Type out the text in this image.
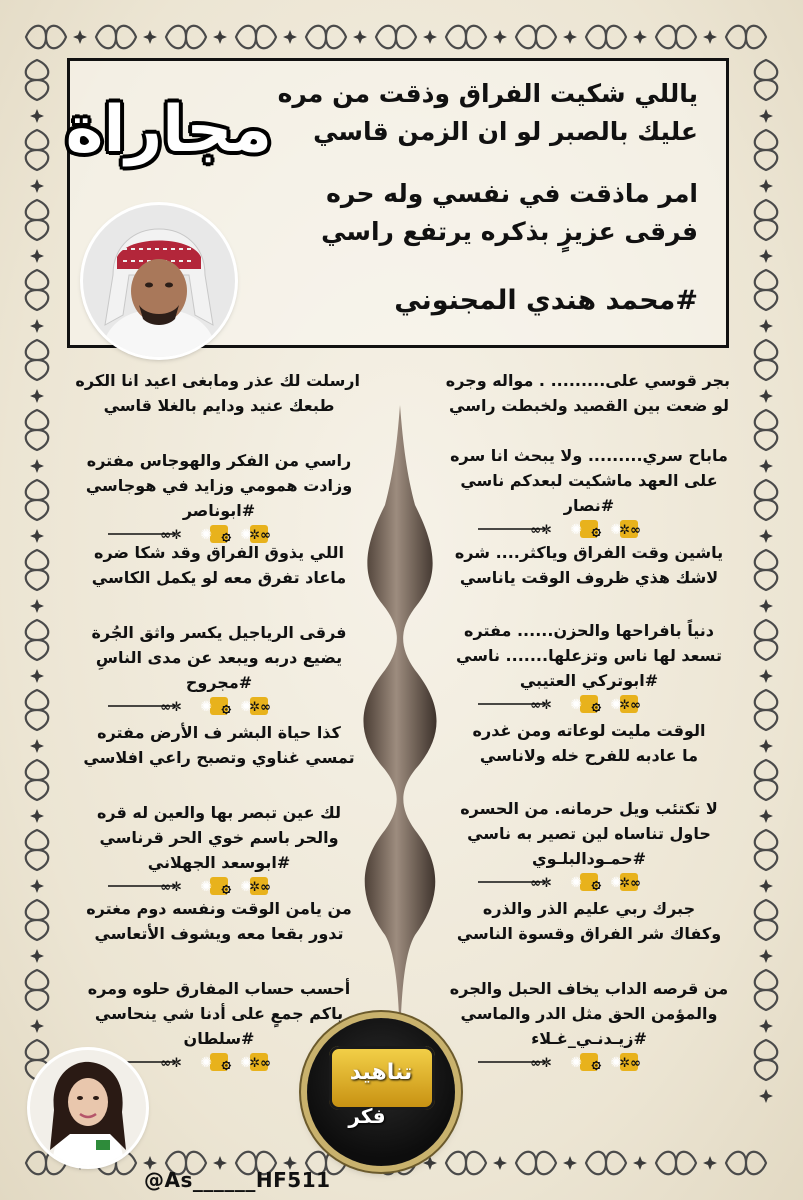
مجاراة ياللي شكيت الفراق وذقت من مره
عليك بالصبر لو ان الزمن قاسي
امر ماذقت في نفسي وله حره
فرقى عزيزٍ بذكره يرتفع راسي
#محمد هندي المجنوني

بجر قوسي على......... . مواله وجره

لو ضعت بين القصيد ولخبطت راسي

ماباح سري......... ولا يبحث انا سره

على العهد ماشكيت لبعدكم ناسي

#نصار

✲∞ ✺ ۞ ✺
∞✲

ياشين وقت الفراق وياكثر.... شره

لاشك هذي ظروف الوقت ياناسي

دنياً بافراحها والحزن...... مفتره

تسعد لها ناس وتزعلها....... ناسي

#ابوتركي العتيبي

✲∞ ✺ ۞ ✺
∞✲

الوقت مليت لوعاته ومن غدره

ما عادبه للفرح خله ولاناسي

لا تكتئب ويل حرمانه. من الحسره

حاول تناساه لين تصير به ناسي

#حمـودالبلـوي

✲∞ ✺ ۞ ✺
∞✲

جبرك ربي عليم الذر والذره

وكفاك شر الفراق وقسوة الناسي

من قرصه الداب يخاف الحبل والجره

والمؤمن الحق مثل الدر والماسي

#زيـدنـي_غـلاء

✲∞ ✺ ۞ ✺
∞✲

ارسلت لك عذر ومابغى اعيد انا الكره

طبعك عنيد ودايم بالغلا قاسي

راسي من الفكر والهوجاس مفتره

وزادت همومي وزايد في هوجاسي

#ابوناصر

✲∞ ✺ ۞ ✺
∞✲

اللي يذوق الفراق وقد شكا ضره

ماعاد تفرق معه لو يكمل الكاسي

فرقى الرياجيل يكسر واثق الجُرة

يضيع دربه ويبعد عن مدى الناسِ

#مجروح

✲∞ ✺ ۞ ✺
∞✲

كذا حياة البشر ف الأرض مفتره

تمسي غناوي وتصبح راعي افلاسي

لك عين تبصر بها والعين له قره

والحر باسم خوي الحر قرناسي

#ابوسعد الجهلاني

✲∞ ✺ ۞ ✺
∞✲

من يامن الوقت ونفسه دوم مغتره

تدور بقعا معه ويشوف الأتعاسي

أحسب حساب المفارق حلوه ومره

ياكم جمعٍ على أدنا شي ينحاسي

#سلطان

✲∞ ✺ ۞ ✺
∞✲	تناهيد
فكر
@As______HF511
